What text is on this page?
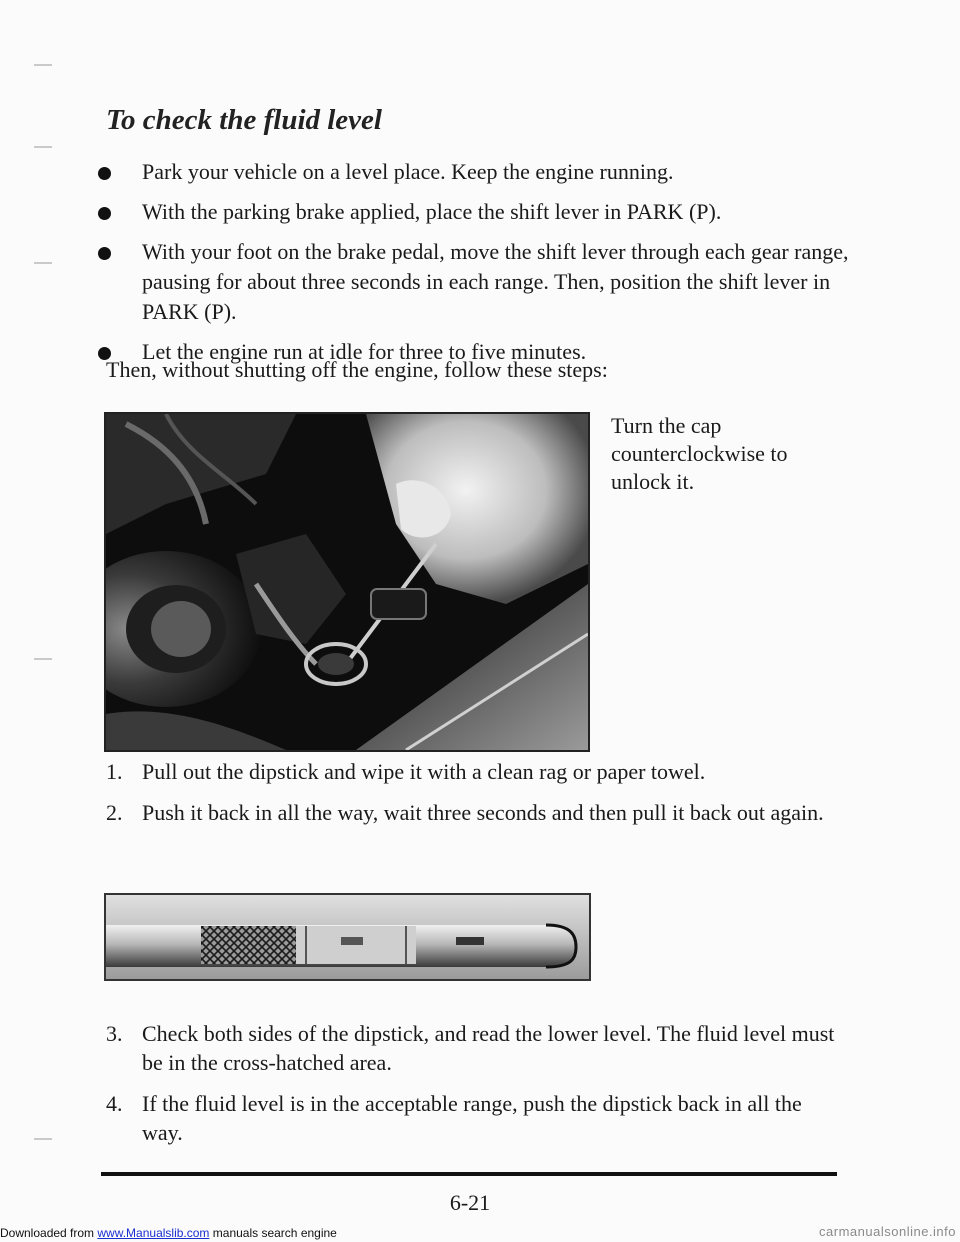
To check the fluid level
Park your vehicle on a level place. Keep the engine running.
With the parking brake applied, place the shift lever in PARK (P).
With your foot on the brake pedal, move the shift lever through each gear range, pausing for about three seconds in each range. Then, position the shift lever in PARK (P).
Let the engine run at idle for three to five minutes.
Then, without shutting off the engine, follow these steps:
Turn the cap counterclockwise to unlock it.
1. Pull out the dipstick and wipe it with a clean rag or paper towel.
2. Push it back in all the way, wait three seconds and then pull it back out again.
3. Check both sides of the dipstick, and read the lower level. The fluid level must be in the cross-hatched area.
4. If the fluid level is in the acceptable range, push the dipstick back in all the way.
6-21
Downloaded from www.Manualslib.com manuals search engine	carmanualsonline.info
